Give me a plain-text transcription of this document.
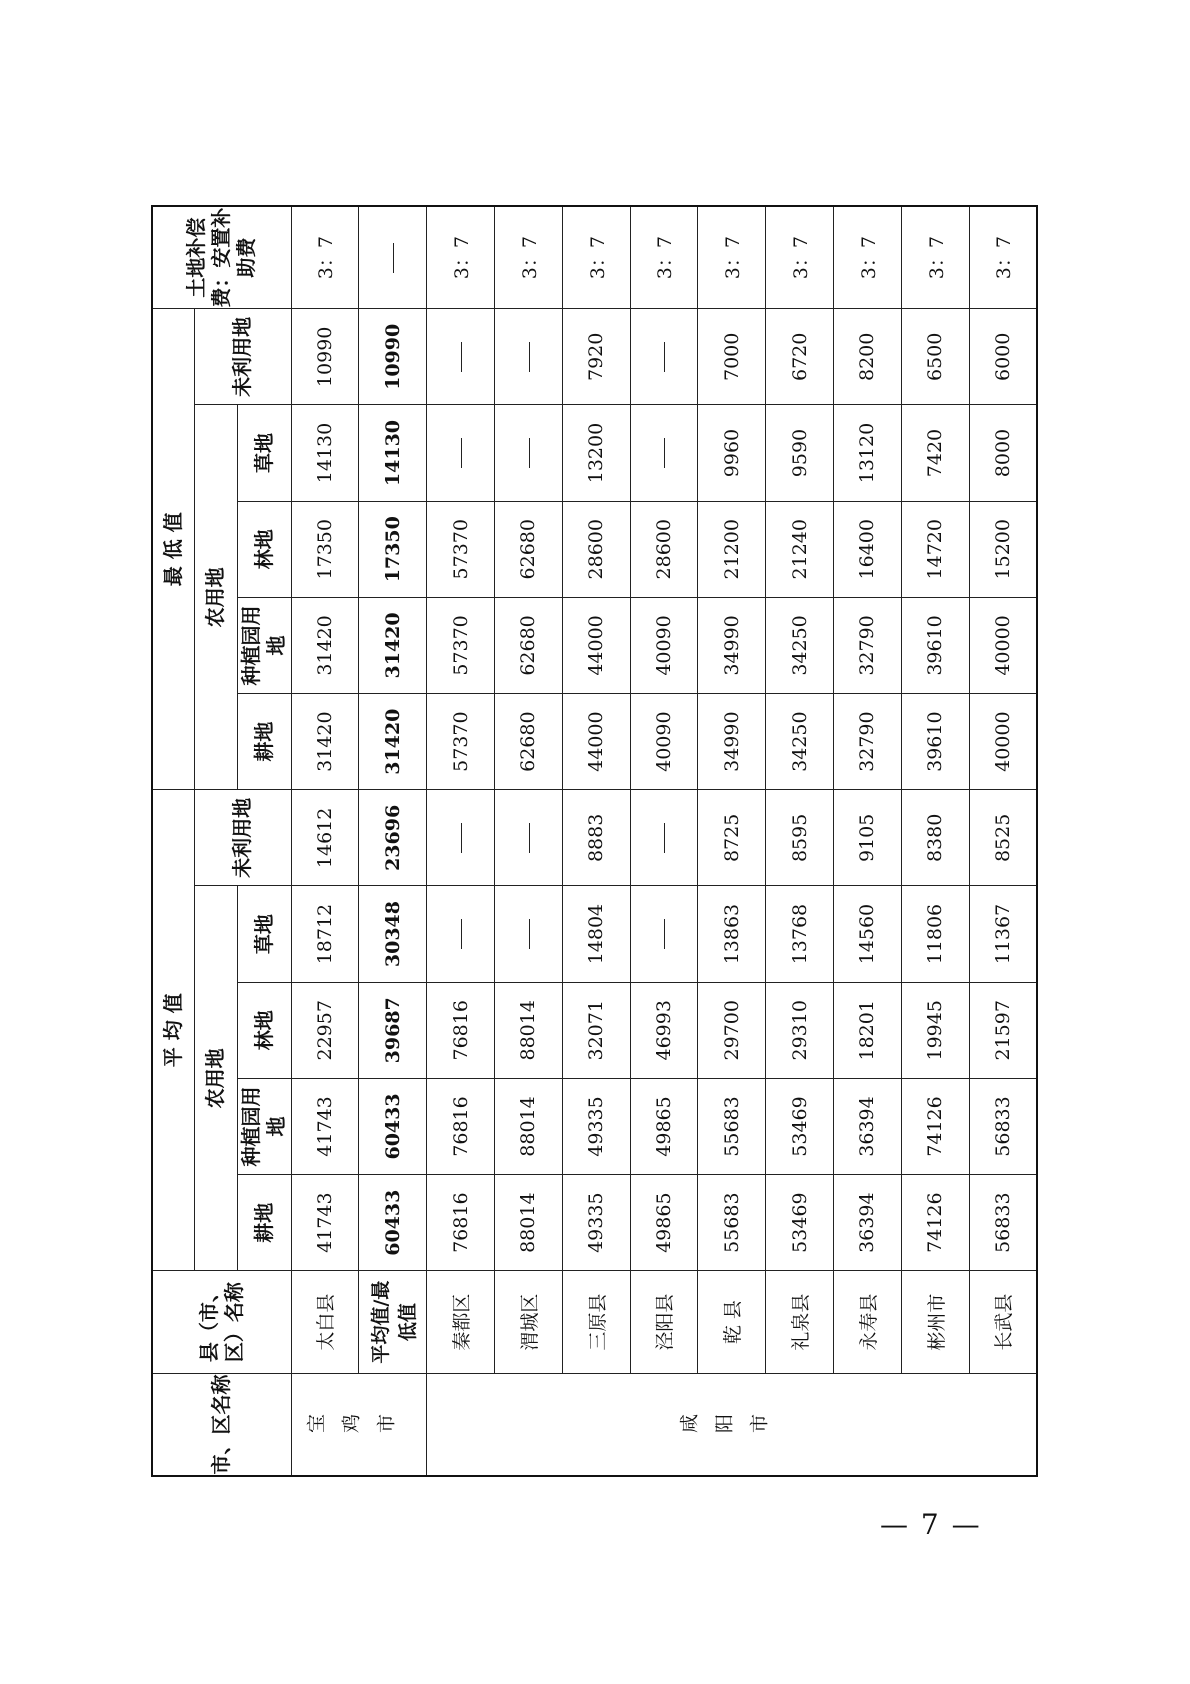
市、区名称	县（市、区）名称	平 均 值					最 低 值					土地补偿费：安置补助费
		农用地				未利用地	农用地				未利用地	
		耕地	种植园用地	林地	草地		耕地	种植园用地	林地	草地		

宝鸡市	太白县	41743	41743	22957	18712	14612	31420	31420	17350	14130	10990	3：7
	平均值/最低值	60433	60433	39687	30348	23696	31420	31420	17350	14130	10990	
咸阳市	秦都区	76816	76816	76816			57370	57370	57370			3：7
	渭城区	88014	88014	88014			62680	62680	62680			3：7
	三原县	49335	49335	32071	14804	8883	44000	44000	28600	13200	7920	3：7
	泾阳县	49865	49865	46993			40090	40090	28600			3：7
	乾 县	55683	55683	29700	13863	8725	34990	34990	21200	9960	7000	3：7
	礼泉县	53469	53469	29310	13768	8595	34250	34250	21240	9590	6720	3：7
	永寿县	36394	36394	18201	14560	9105	32790	32790	16400	13120	8200	3：7
	彬州市	74126	74126	19945	11806	8380	39610	39610	14720	7420	6500	3：7
	长武县	56833	56833	21597	11367	8525	40000	40000	15200	8000	6000	3：7
— 7 —
